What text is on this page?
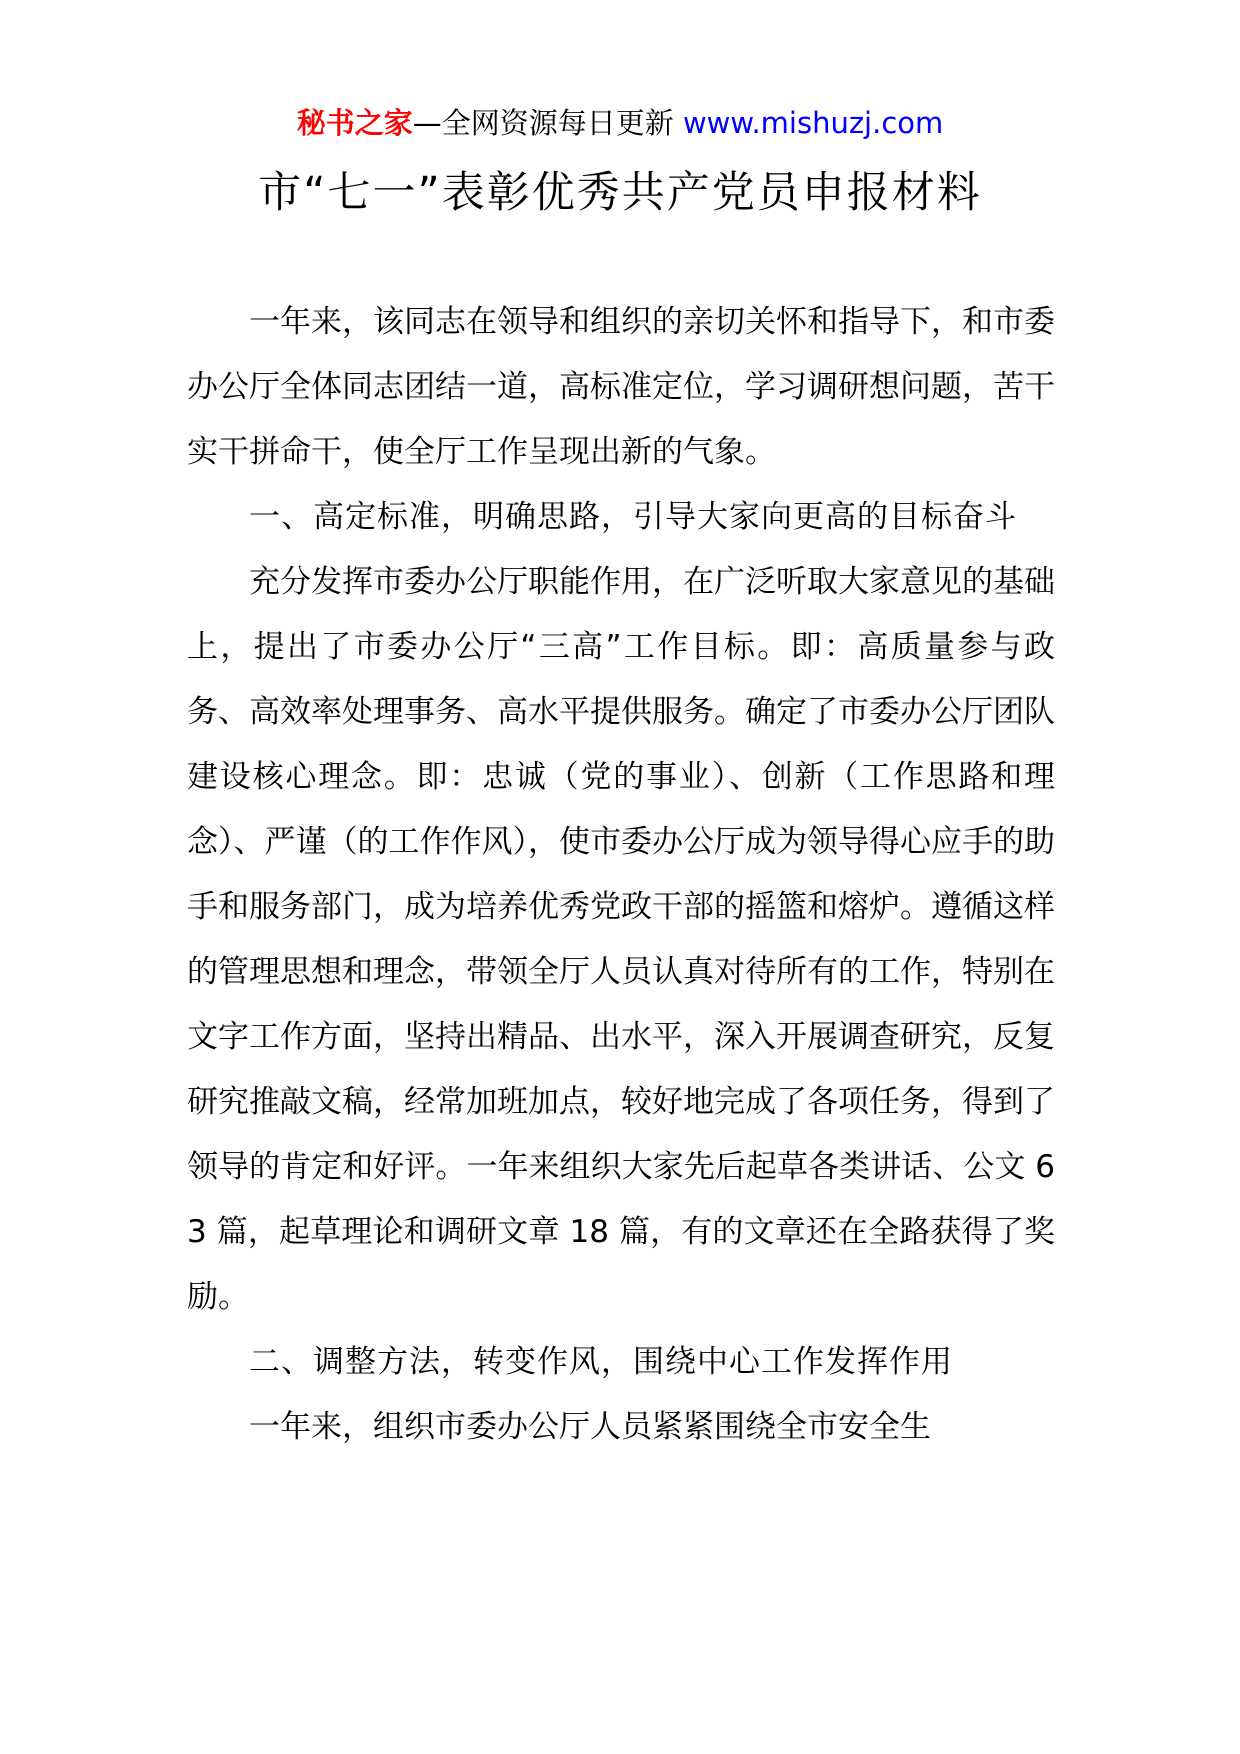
秘书之家—全网资源每日更新 www.mishuzj.com
市“七一”表彰优秀共产党员申报材料

一年来，该同志在领导和组织的亲切关怀和指导下，和市委办公厅全体同志团结一道，高标准定位，学习调研想问题，苦干实干拼命干，使全厅工作呈现出新的气象。

一、高定标准，明确思路，引导大家向更高的目标奋斗

充分发挥市委办公厅职能作用，在广泛听取大家意见的基础上，提出了市委办公厅“三高”工作目标。即：高质量参与政务、高效率处理事务、高水平提供服务。确定了市委办公厅团队建设核心理念。即：忠诚（党的事业）、创新（工作思路和理念）、严谨（的工作作风），使市委办公厅成为领导得心应手的助手和服务部门，成为培养优秀党政干部的摇篮和熔炉。遵循这样的管理思想和理念，带领全厅人员认真对待所有的工作，特别在文字工作方面，坚持出精品、出水平，深入开展调查研究，反复研究推敲文稿，经常加班加点，较好地完成了各项任务，得到了领导的肯定和好评。一年来组织大家先后起草各类讲话、公文 63 篇，起草理论和调研文章 18 篇，有的文章还在全路获得了奖励。

二、调整方法，转变作风，围绕中心工作发挥作用

一年来，组织市委办公厅人员紧紧围绕全市安全生
